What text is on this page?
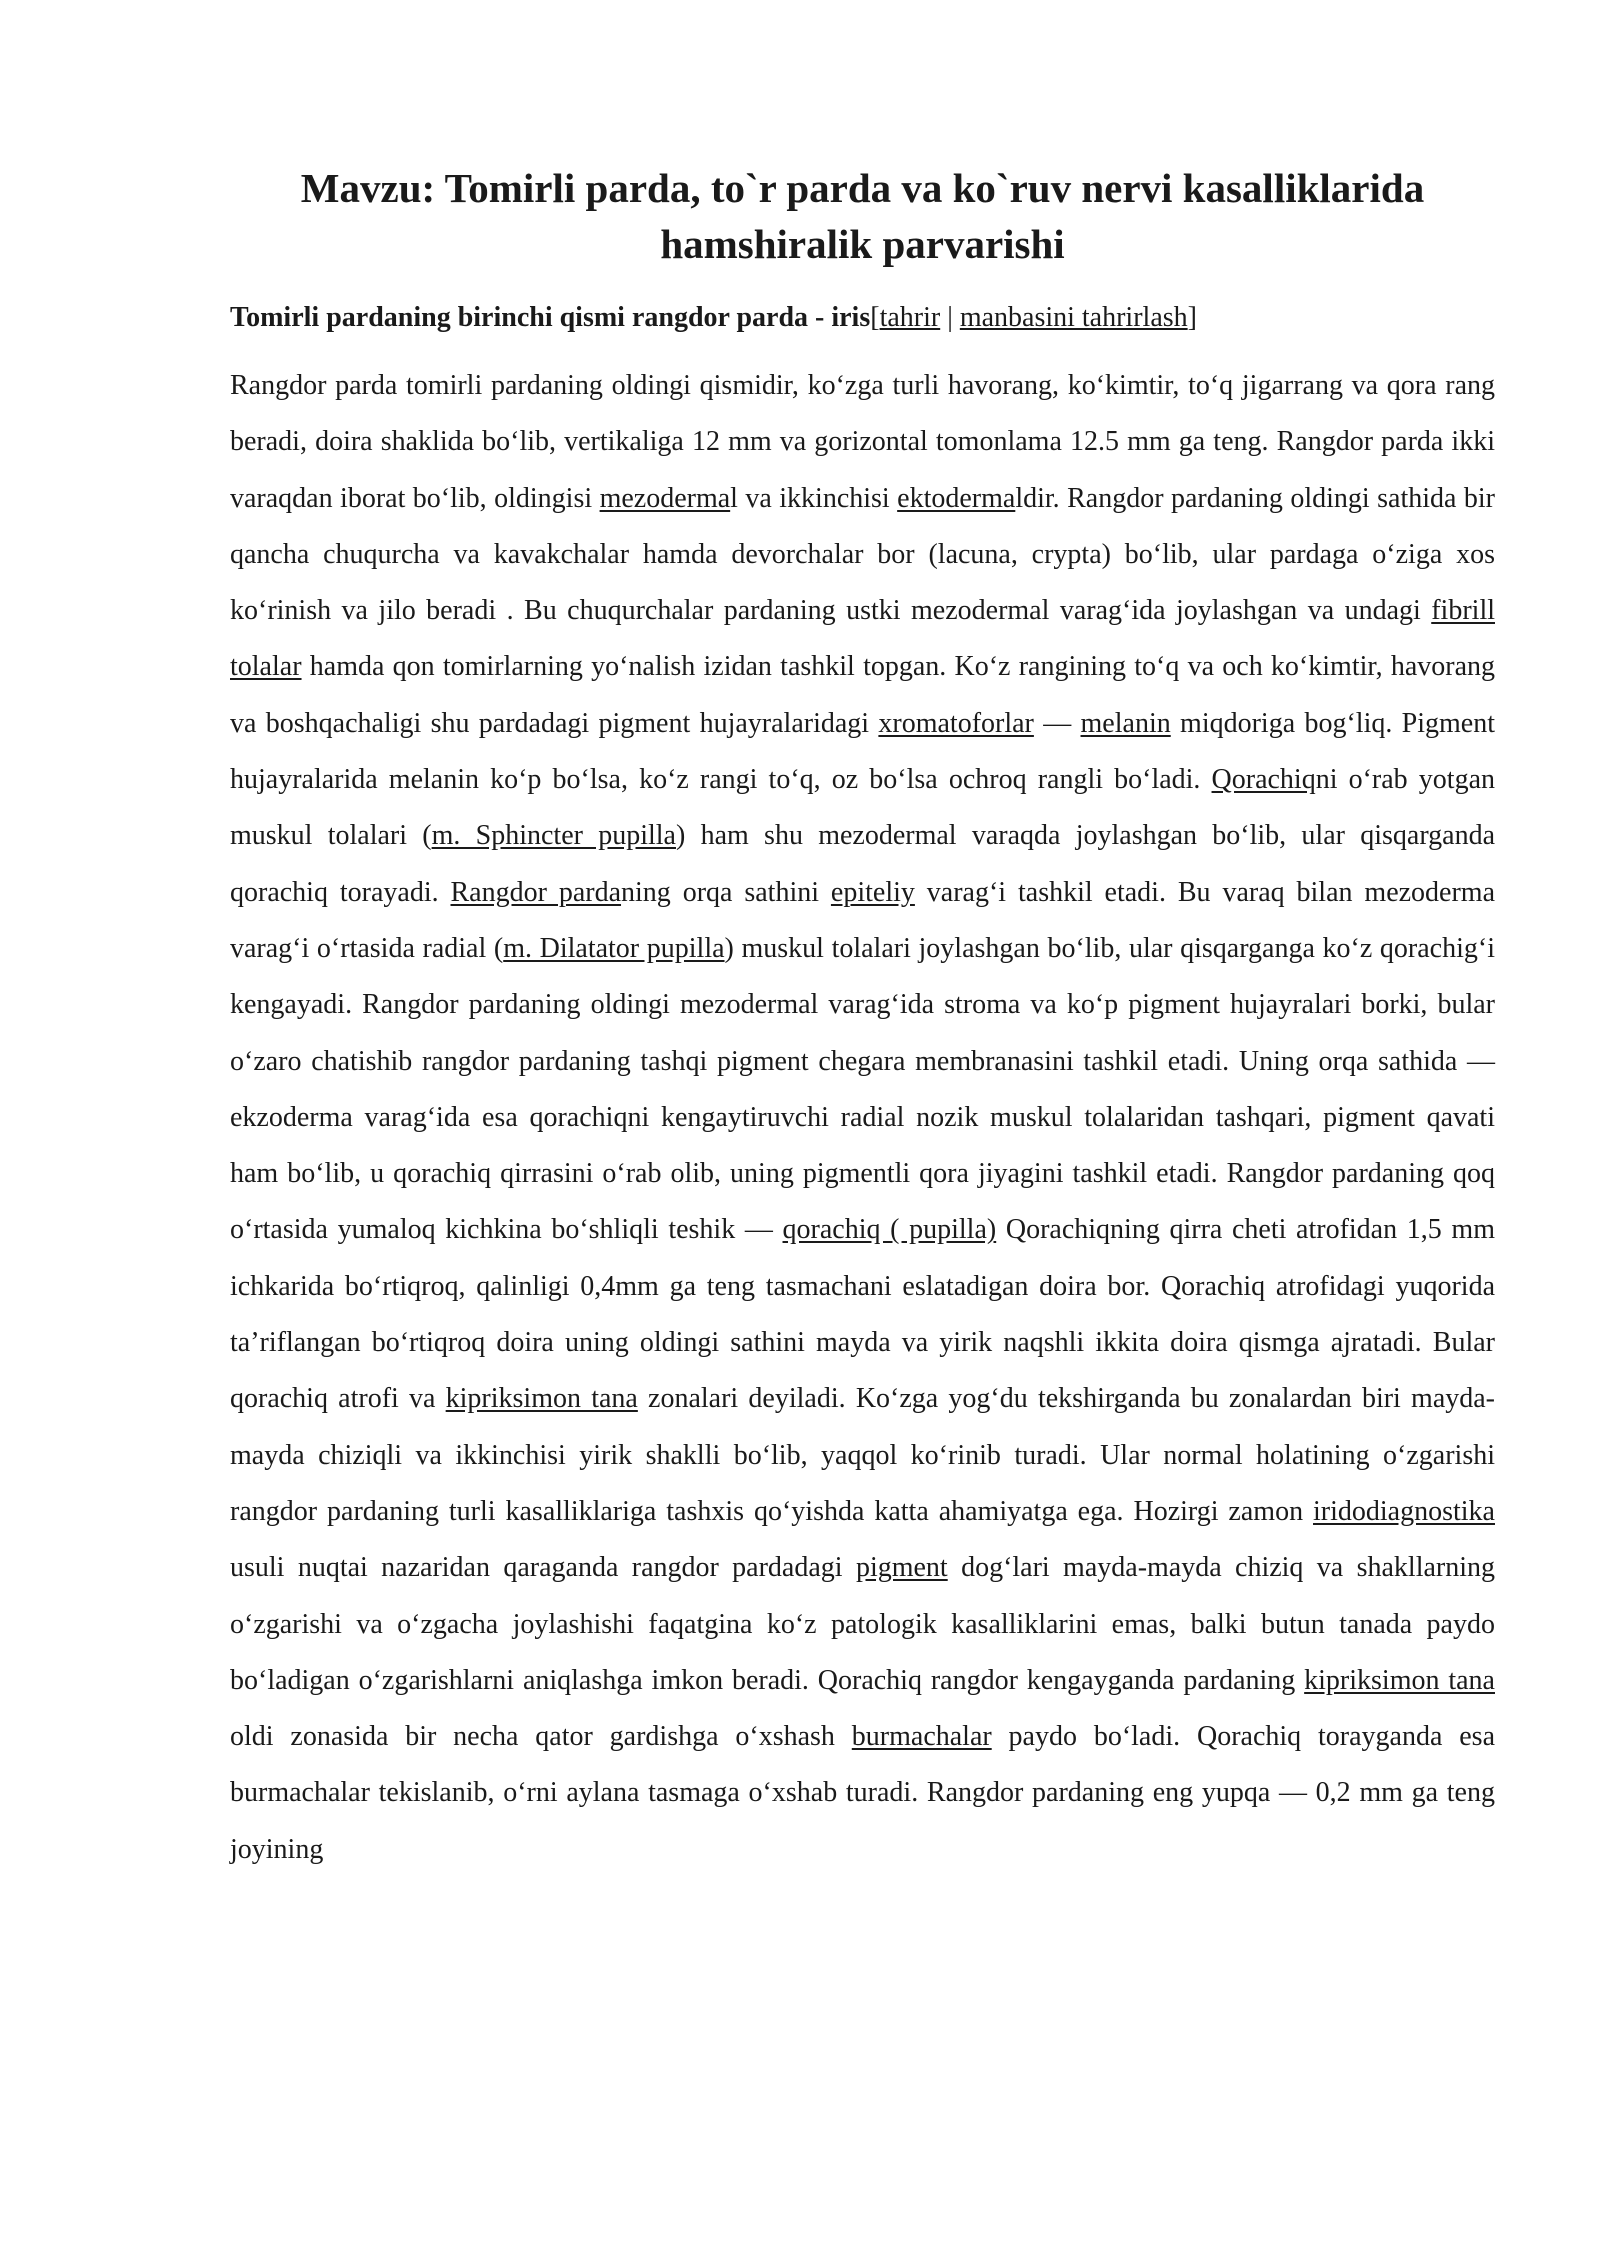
Mavzu: Tomirli parda, to`r parda va ko`ruv nervi kasalliklarida
hamshiralik parvarishi
Tomirli pardaning birinchi qismi rangdor parda - iris[tahrir | manbasini tahrirlash]

Rangdor parda tomirli pardaning oldingi qismidir, koʻzga turli havorang, koʻkimtir, toʻq jigarrang va qora rang beradi, doira shaklida boʻlib, vertikaliga 12 mm va gorizontal tomonlama 12.5 mm ga teng. Rangdor parda ikki varaqdan iborat boʻlib, oldingisi mezodermal va ikkinchisi ektodermaldir. Rangdor pardaning oldingi sathida bir qancha chuqurcha va kavakchalar hamda devorchalar bor (lacuna, crypta) boʻlib, ular pardaga oʻziga xos koʻrinish va jilo beradi . Bu chuqurchalar pardaning ustki mezodermal varagʻida joylashgan va undagi fibrill tolalar hamda qon tomirlarning yoʻnalish izidan tashkil topgan. Koʻz rangining toʻq va och koʻkimtir, havorang va boshqachaligi shu pardadagi pigment hujayralaridagi xromatoforlar — melanin miqdoriga bogʻliq. Pigment hujayralarida melanin koʻp boʻlsa, koʻz rangi toʻq, oz boʻlsa ochroq rangli boʻladi. Qorachiqni oʻrab yotgan muskul tolalari (m. Sphincter pupilla) ham shu mezodermal varaqda joylashgan boʻlib, ular qisqarganda qorachiq torayadi. Rangdor pardaning orqa sathini epiteliy varagʻi tashkil etadi. Bu varaq bilan mezoderma varagʻi oʻrtasida radial (m. Dilatator pupilla) muskul tolalari joylashgan boʻlib, ular qisqarganga koʻz qorachigʻi kengayadi. Rangdor pardaning oldingi mezodermal varagʻida stroma va koʻp pigment hujayralari borki, bular oʻzaro chatishib rangdor pardaning tashqi pigment chegara membranasini tashkil etadi. Uning orqa sathida — ekzoderma varagʻida esa qorachiqni kengaytiruvchi radial nozik muskul tolalaridan tashqari, pigment qavati ham boʻlib, u qorachiq qirrasini oʻrab olib, uning pigmentli qora jiyagini tashkil etadi. Rangdor pardaning qoq oʻrtasida yumaloq kichkina boʻshliqli teshik — qorachiq ( pupilla) Qorachiqning qirra cheti atrofidan 1,5 mm ichkarida boʻrtiqroq, qalinligi 0,4mm ga teng tasmachani eslatadigan doira bor. Qorachiq atrofidagi yuqorida taʼriflangan boʻrtiqroq doira uning oldingi sathini mayda va yirik naqshli ikkita doira qismga ajratadi. Bular qorachiq atrofi va kipriksimon tana zonalari deyiladi. Koʻzga yogʻdu tekshirganda bu zonalardan biri mayda-mayda chiziqli va ikkinchisi yirik shaklli boʻlib, yaqqol koʻrinib turadi. Ular normal holatining oʻzgarishi rangdor pardaning turli kasalliklariga tashxis qoʻyishda katta ahamiyatga ega. Hozirgi zamon iridodiagnostika usuli nuqtai nazaridan qaraganda rangdor pardadagi pigment dogʻlari mayda-mayda chiziq va shakllarning oʻzgarishi va oʻzgacha joylashishi faqatgina koʻz patologik kasalliklarini emas, balki butun tanada paydo boʻladigan oʻzgarishlarni aniqlashga imkon beradi. Qorachiq rangdor kengayganda pardaning kipriksimon tana oldi zonasida bir necha qator gardishga oʻxshash burmachalar paydo boʻladi. Qorachiq torayganda esa burmachalar tekislanib, oʻrni aylana tasmaga oʻxshab turadi. Rangdor pardaning eng yupqa — 0,2 mm ga teng joyining
